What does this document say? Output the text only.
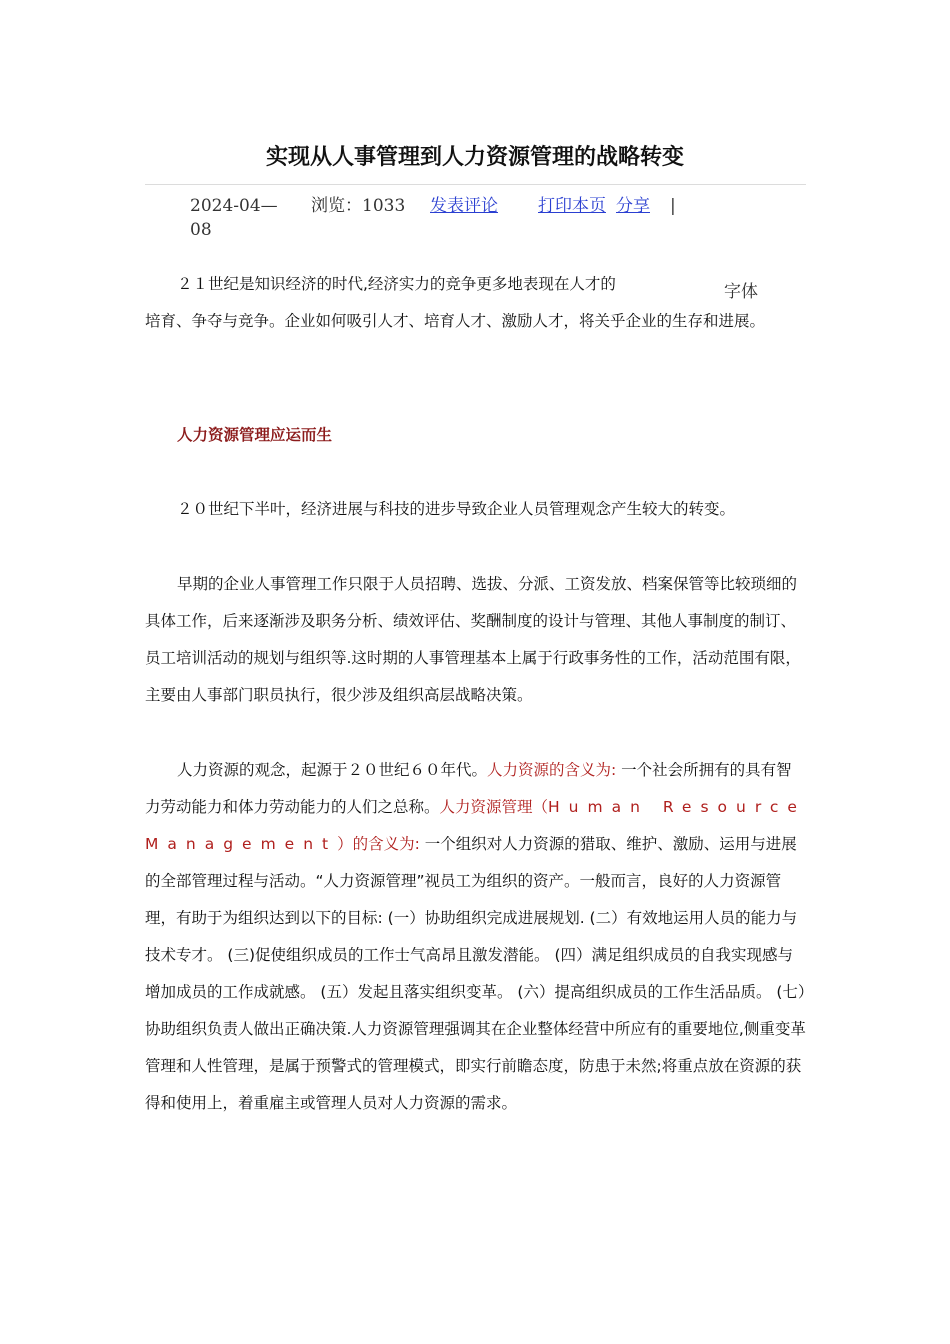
实现从人事管理到人力资源管理的战略转变
2024-04—08
浏览：1033 发表评论 打印本页 分享 |
字体
２１世纪是知识经济的时代,经济实力的竞争更多地表现在人才的

培育、争夺与竞争。企业如何吸引人才、培育人才、激励人才，将关乎企业的生存和进展。

人力资源管理应运而生

２０世纪下半叶，经济进展与科技的进步导致企业人员管理观念产生较大的转变。

早期的企业人事管理工作只限于人员招聘、选拔、分派、工资发放、档案保管等比较琐细的具体工作，后来逐渐涉及职务分析、绩效评估、奖酬制度的设计与管理、其他人事制度的制订、员工培训活动的规划与组织等.这时期的人事管理基本上属于行政事务性的工作，活动范围有限，主要由人事部门职员执行，很少涉及组织高层战略决策。

人力资源的观念，起源于２０世纪６０年代。人力资源的含义为: 一个社会所拥有的具有智力劳动能力和体力劳动能力的人们之总称。人力资源管理（Human Resource Management）的含义为: 一个组织对人力资源的猎取、维护、激励、运用与进展的全部管理过程与活动。“人力资源管理”视员工为组织的资产。一般而言，良好的人力资源管理，有助于为组织达到以下的目标: (一）协助组织完成进展规划. (二）有效地运用人员的能力与技术专才。 (三)促使组织成员的工作士气高昂且激发潜能。 (四）满足组织成员的自我实现感与增加成员的工作成就感。 (五）发起且落实组织变革。 (六）提高组织成员的工作生活品质。 (七）协助组织负责人做出正确决策.人力资源管理强调其在企业整体经营中所应有的重要地位,侧重变革管理和人性管理，是属于预警式的管理模式，即实行前瞻态度，防患于未然;将重点放在资源的获得和使用上，着重雇主或管理人员对人力资源的需求。
